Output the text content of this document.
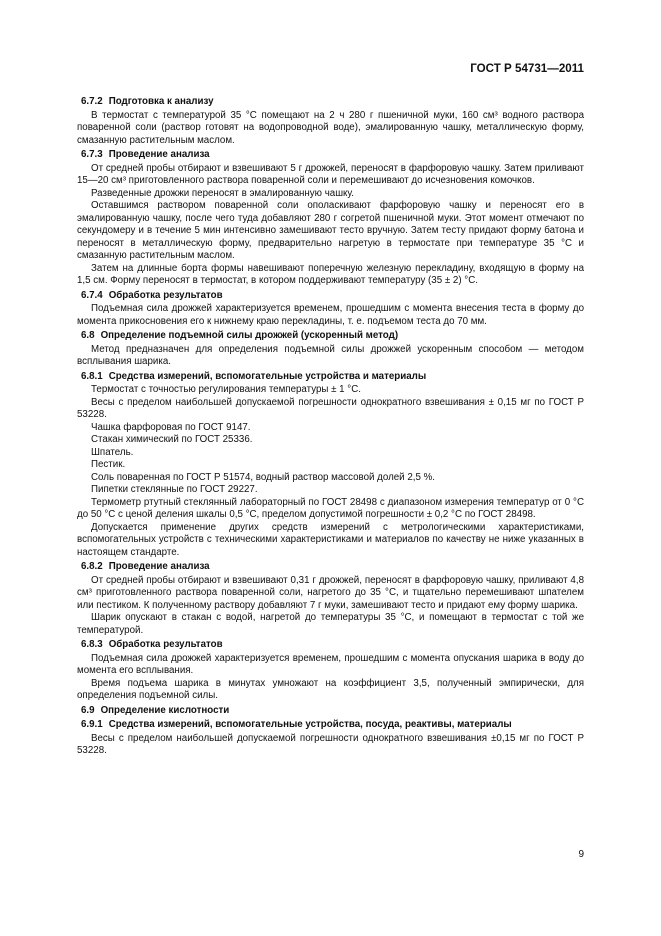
ГОСТ Р 54731—2011
6.7.2 Подготовка к анализу

В термостат с температурой 35 °С помещают на 2 ч 280 г пшеничной муки, 160 см³ водного раствора поваренной соли (раствор готовят на водопроводной воде), эмалированную чашку, металлическую форму, смазанную растительным маслом.

6.7.3 Проведение анализа

От средней пробы отбирают и взвешивают 5 г дрожжей, переносят в фарфоровую чашку. Затем приливают 15—20 см³ приготовленного раствора поваренной соли и перемешивают до исчезновения комочков.

Разведенные дрожжи переносят в эмалированную чашку.

Оставшимся раствором поваренной соли ополаскивают фарфоровую чашку и переносят его в эмалированную чашку, после чего туда добавляют 280 г согретой пшеничной муки. Этот момент отмечают по секундомеру и в течение 5 мин интенсивно замешивают тесто вручную. Затем тесту придают форму батона и переносят в металлическую форму, предварительно нагретую в термостате при температуре 35 °С и смазанную растительным маслом.

Затем на длинные борта формы навешивают поперечную железную перекладину, входящую в форму на 1,5 см. Форму переносят в термостат, в котором поддерживают температуру (35 ± 2) °С.

6.7.4 Обработка результатов

Подъемная сила дрожжей характеризуется временем, прошедшим с момента внесения теста в форму до момента прикосновения его к нижнему краю перекладины, т. е. подъемом теста до 70 мм.

6.8 Определение подъемной силы дрожжей (ускоренный метод)

Метод предназначен для определения подъемной силы дрожжей ускоренным способом — методом всплывания шарика.

6.8.1 Средства измерений, вспомогательные устройства и материалы

Термостат с точностью регулирования температуры ± 1 °С.

Весы с пределом наибольшей допускаемой погрешности однократного взвешивания ± 0,15 мг по ГОСТ Р 53228.

Чашка фарфоровая по ГОСТ 9147.

Стакан химический по ГОСТ 25336.

Шпатель.

Пестик.

Соль поваренная по ГОСТ Р 51574, водный раствор массовой долей 2,5 %.

Пипетки стеклянные по ГОСТ 29227.

Термометр ртутный стеклянный лабораторный по ГОСТ 28498 с диапазоном измерения температур от 0 °С до 50 °С с ценой деления шкалы 0,5 °С, пределом допустимой погрешности ± 0,2 °С по ГОСТ 28498.

Допускается применение других средств измерений с метрологическими характеристиками, вспомогательных устройств с техническими характеристиками и материалов по качеству не ниже указанных в настоящем стандарте.

6.8.2 Проведение анализа

От средней пробы отбирают и взвешивают 0,31 г дрожжей, переносят в фарфоровую чашку, приливают 4,8 см³ приготовленного раствора поваренной соли, нагретого до 35 °С, и тщательно перемешивают шпателем или пестиком. К полученному раствору добавляют 7 г муки, замешивают тесто и придают ему форму шарика.

Шарик опускают в стакан с водой, нагретой до температуры 35 °С, и помещают в термостат с той же температурой.

6.8.3 Обработка результатов

Подъемная сила дрожжей характеризуется временем, прошедшим с момента опускания шарика в воду до момента его всплывания.

Время подъема шарика в минутах умножают на коэффициент 3,5, полученный эмпирически, для определения подъемной силы.

6.9 Определение кислотности
6.9.1 Средства измерений, вспомогательные устройства, посуда, реактивы, материалы

Весы с пределом наибольшей допускаемой погрешности однократного взвешивания ±0,15 мг по ГОСТ Р 53228.

9
